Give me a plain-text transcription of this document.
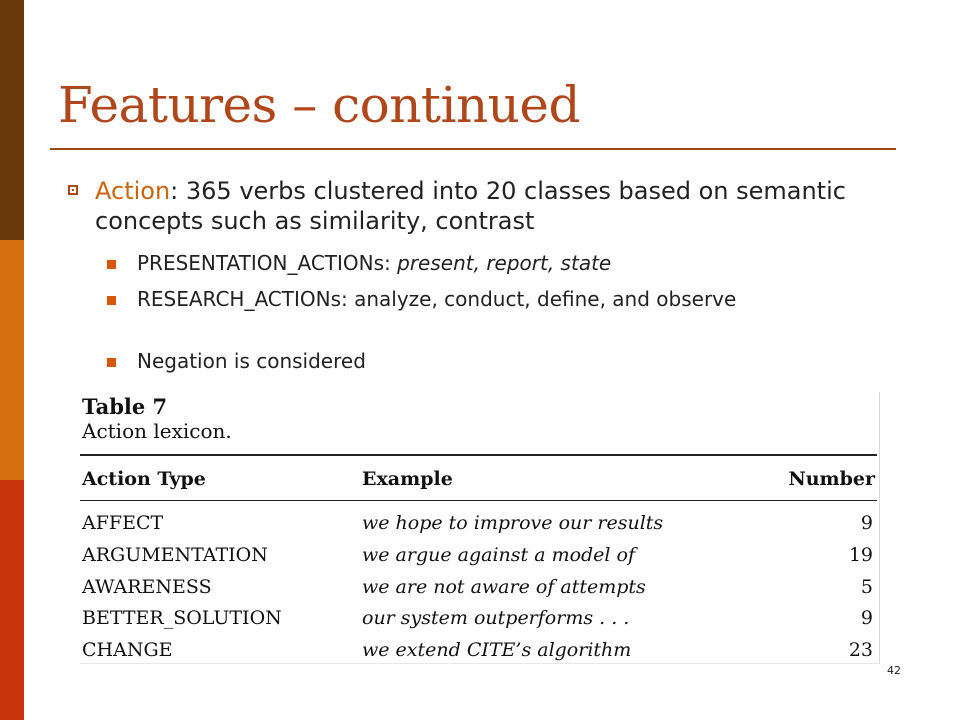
Features – continued
Action: 365 verbs clustered into 20 classes based on semantic concepts such as similarity, contrast
PRESENTATION_ACTIONs: present, report, state
RESEARCH_ACTIONs: analyze, conduct, define, and observe
Negation is considered
Table 7
Action lexicon.
Action Type	Example	Number
AFFECT	we hope to improve our results	9
ARGUMENTATION	we argue against a model of	19
AWARENESS	we are not aware of attempts	5
BETTER_SOLUTION	our system outperforms . . .	9
CHANGE	we extend CITE’s algorithm	23
42
